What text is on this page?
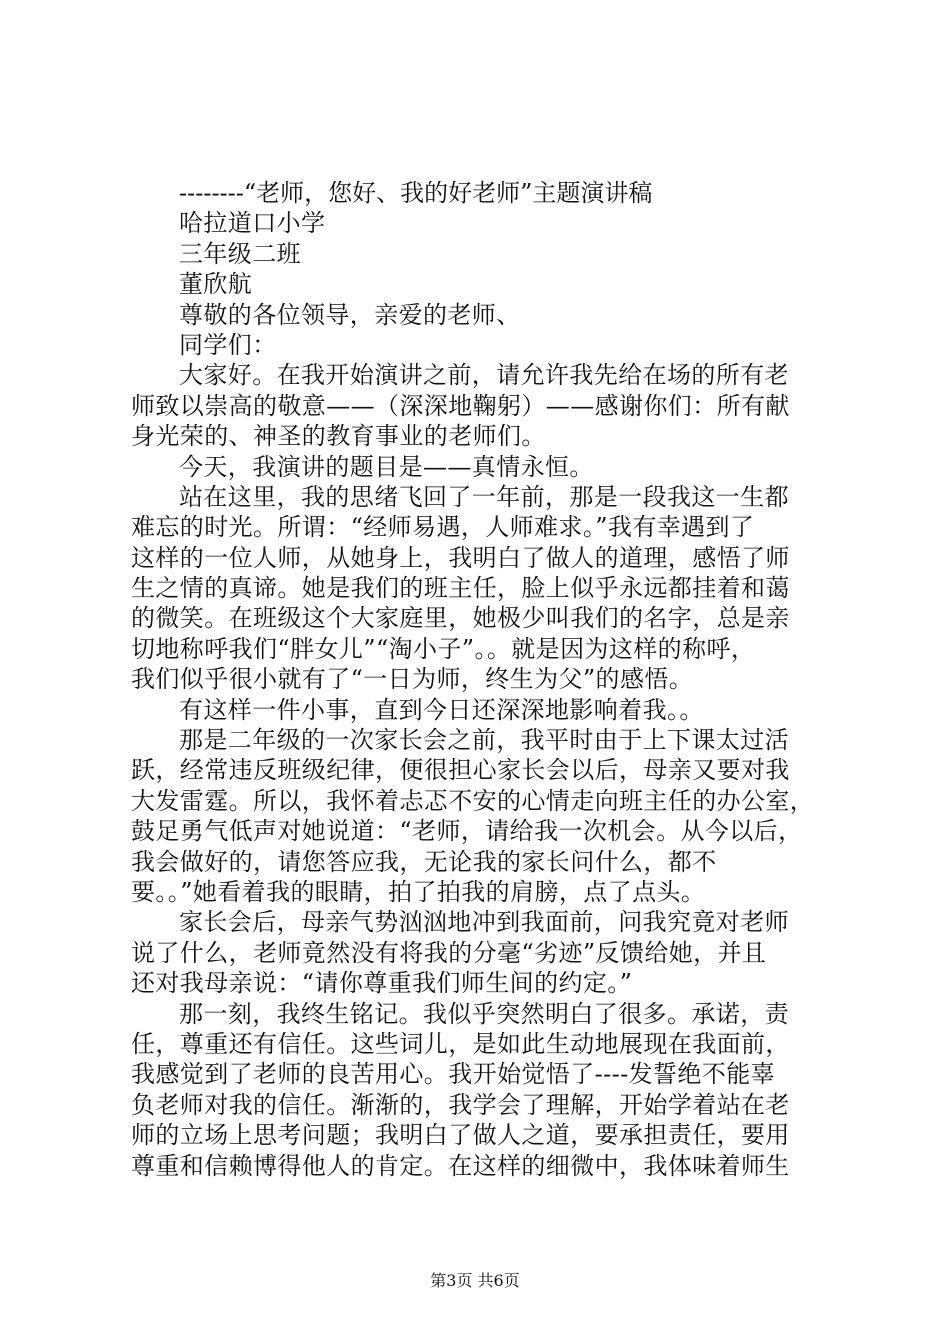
--------“老师，您好、我的好老师”主题演讲稿
哈拉道口小学
三年级二班
董欣航
尊敬的各位领导，亲爱的老师、
同学们：
大家好。在我开始演讲之前，请允许我先给在场的所有老
师致以崇高的敬意——（深深地鞠躬）——感谢你们：所有献
身光荣的、神圣的教育事业的老师们。
今天，我演讲的题目是——真情永恒。
站在这里，我的思绪飞回了一年前，那是一段我这一生都
难忘的时光。所谓：“经师易遇，人师难求。”我有幸遇到了
这样的一位人师，从她身上，我明白了做人的道理，感悟了师
生之情的真谛。她是我们的班主任，脸上似乎永远都挂着和蔼
的微笑。在班级这个大家庭里，她极少叫我们的名字，总是亲
切地称呼我们“胖女儿”“淘小子”。。就是因为这样的称呼，
我们似乎很小就有了“一日为师，终生为父”的感悟。
有这样一件小事，直到今日还深深地影响着我。。
那是二年级的一次家长会之前，我平时由于上下课太过活
跃，经常违反班级纪律，便很担心家长会以后，母亲又要对我
大发雷霆。所以，我怀着忐忑不安的心情走向班主任的办公室，
鼓足勇气低声对她说道：“老师，请给我一次机会。从今以后，
我会做好的，请您答应我，无论我的家长问什么，都不
要。。”她看着我的眼睛，拍了拍我的肩膀，点了点头。
家长会后，母亲气势汹汹地冲到我面前，问我究竟对老师
说了什么，老师竟然没有将我的分毫“劣迹”反馈给她，并且
还对我母亲说：“请你尊重我们师生间的约定。”
那一刻，我终生铭记。我似乎突然明白了很多。承诺，责
任，尊重还有信任。这些词儿，是如此生动地展现在我面前，
我感觉到了老师的良苦用心。我开始觉悟了----发誓绝不能辜
负老师对我的信任。渐渐的，我学会了理解，开始学着站在老
师的立场上思考问题；我明白了做人之道，要承担责任，要用
尊重和信赖博得他人的肯定。在这样的细微中，我体味着师生
第3页 共6页
